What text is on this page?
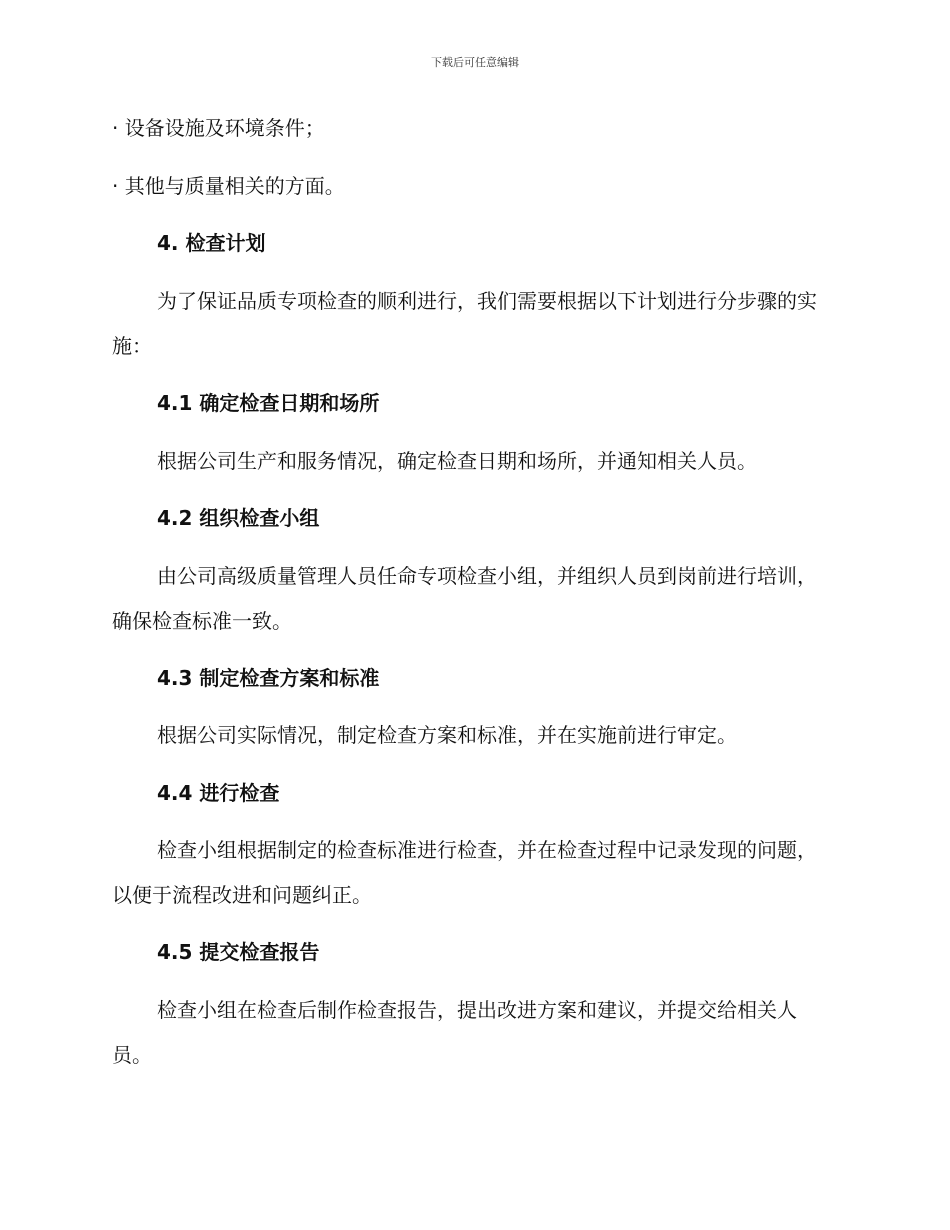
下载后可任意编辑
· 设备设施及环境条件；
· 其他与质量相关的方面。
4. 检查计划
为了保证品质专项检查的顺利进行，我们需要根据以下计划进行分步骤的实施：
4.1 确定检查日期和场所
根据公司生产和服务情况，确定检查日期和场所，并通知相关人员。
4.2 组织检查小组
由公司高级质量管理人员任命专项检查小组，并组织人员到岗前进行培训，确保检查标准一致。
4.3 制定检查方案和标准
根据公司实际情况，制定检查方案和标准，并在实施前进行审定。
4.4 进行检查
检查小组根据制定的检查标准进行检查，并在检查过程中记录发现的问题，以便于流程改进和问题纠正。
4.5 提交检查报告
检查小组在检查后制作检查报告，提出改进方案和建议，并提交给相关人员。
